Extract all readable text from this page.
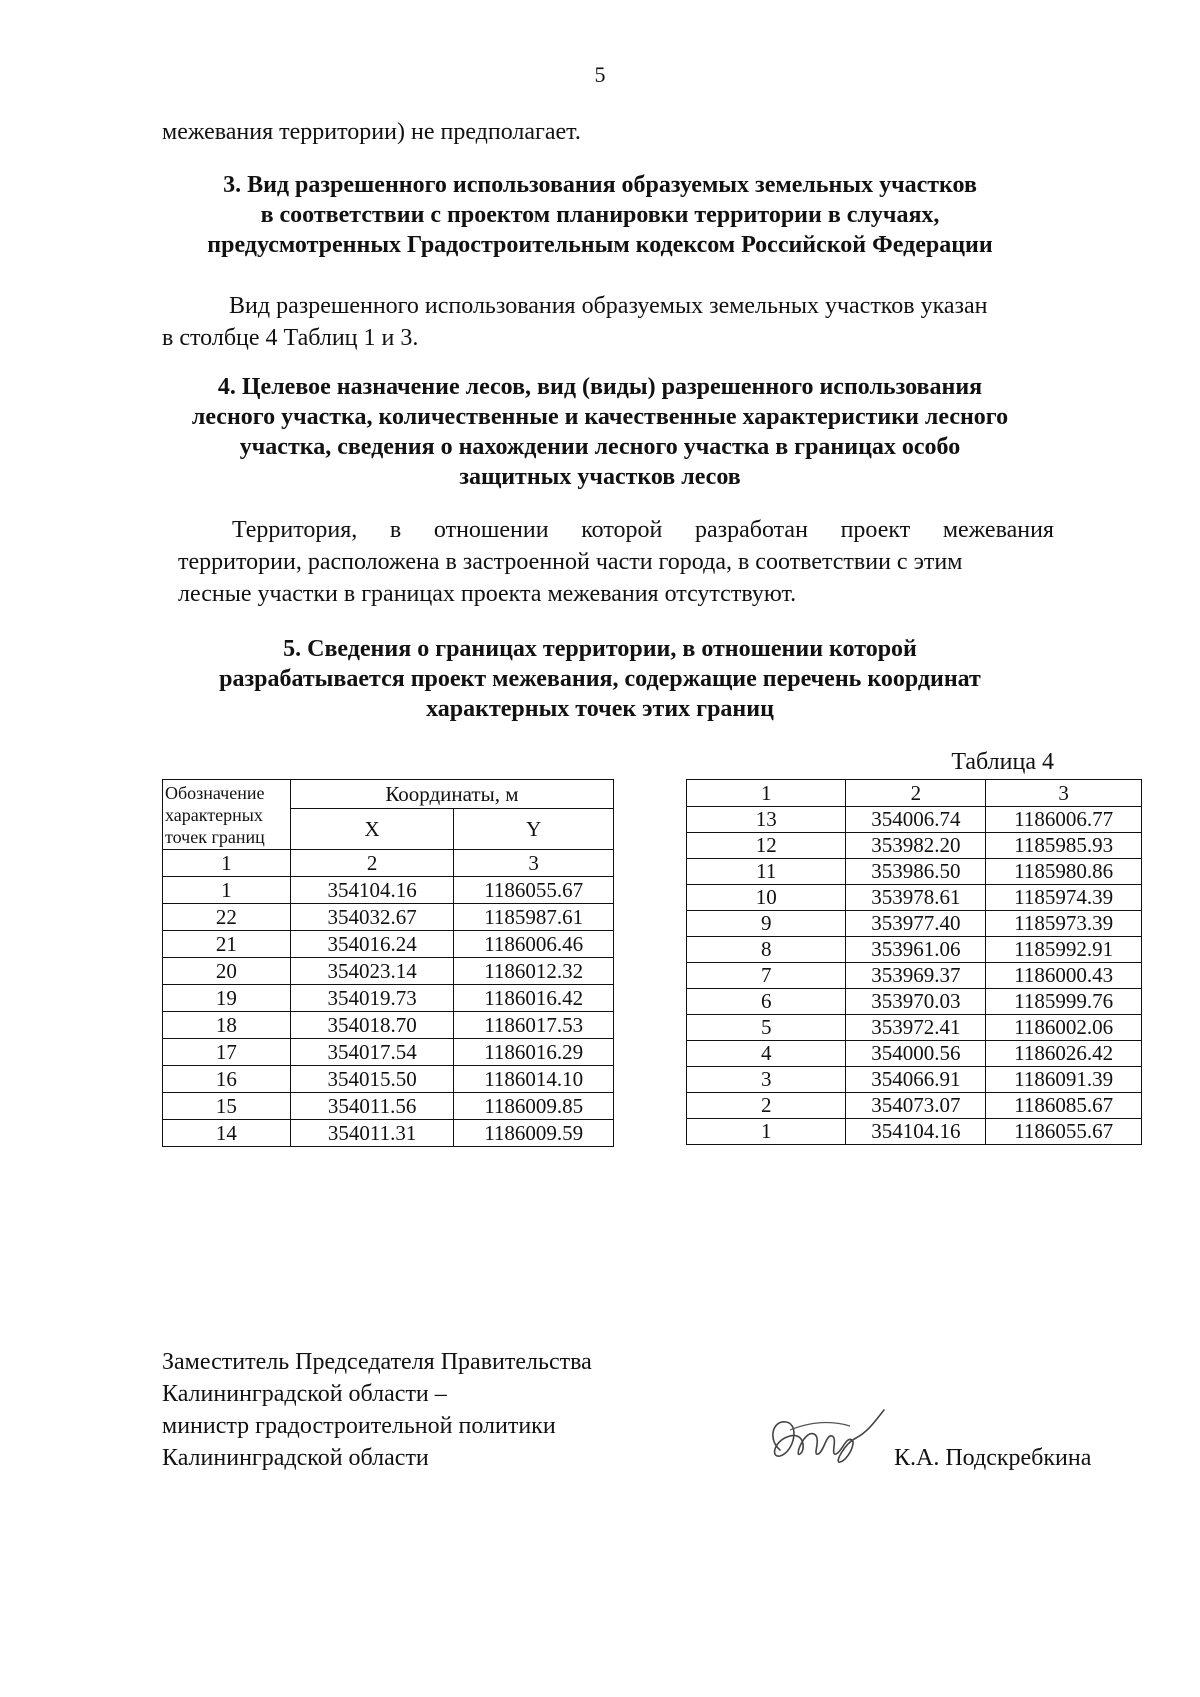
5
межевания территории) не предполагает.
3. Вид разрешенного использования образуемых земельных участков
в соответствии с проектом планировки территории в случаях,
предусмотренных Градостроительным кодексом Российской Федерации
Вид разрешенного использования образуемых земельных участков указан
в столбце 4 Таблиц 1 и 3.
4. Целевое назначение лесов, вид (виды) разрешенного использования
лесного участка, количественные и качественные характеристики лесного
участка, сведения о нахождении лесного участка в границах особо
защитных участков лесов
Территория, в отношении которой разработан проект межевания
территории, расположена в застроенной части города, в соответствии с этим
лесные участки в границах проекта межевания отсутствуют.
5. Сведения о границах территории, в отношении которой
разрабатывается проект межевания, содержащие перечень координат
характерных точек этих границ
Таблица 4
Обозначение
характерных
точек границ	Координаты, м	
	X	Y
1	2	3
1	354104.16	1186055.67
22	354032.67	1185987.61
21	354016.24	1186006.46
20	354023.14	1186012.32
19	354019.73	1186016.42
18	354018.70	1186017.53
17	354017.54	1186016.29
16	354015.50	1186014.10
15	354011.56	1186009.85
14	354011.31	1186009.59
1	2	3
13	354006.74	1186006.77
12	353982.20	1185985.93
11	353986.50	1185980.86
10	353978.61	1185974.39
9	353977.40	1185973.39
8	353961.06	1185992.91
7	353969.37	1186000.43
6	353970.03	1185999.76
5	353972.41	1186002.06
4	354000.56	1186026.42
3	354066.91	1186091.39
2	354073.07	1186085.67
1	354104.16	1186055.67
Заместитель Председателя Правительства
Калининградской области –
министр градостроительной политики
Калининградской области	К.А. Подскребкина
